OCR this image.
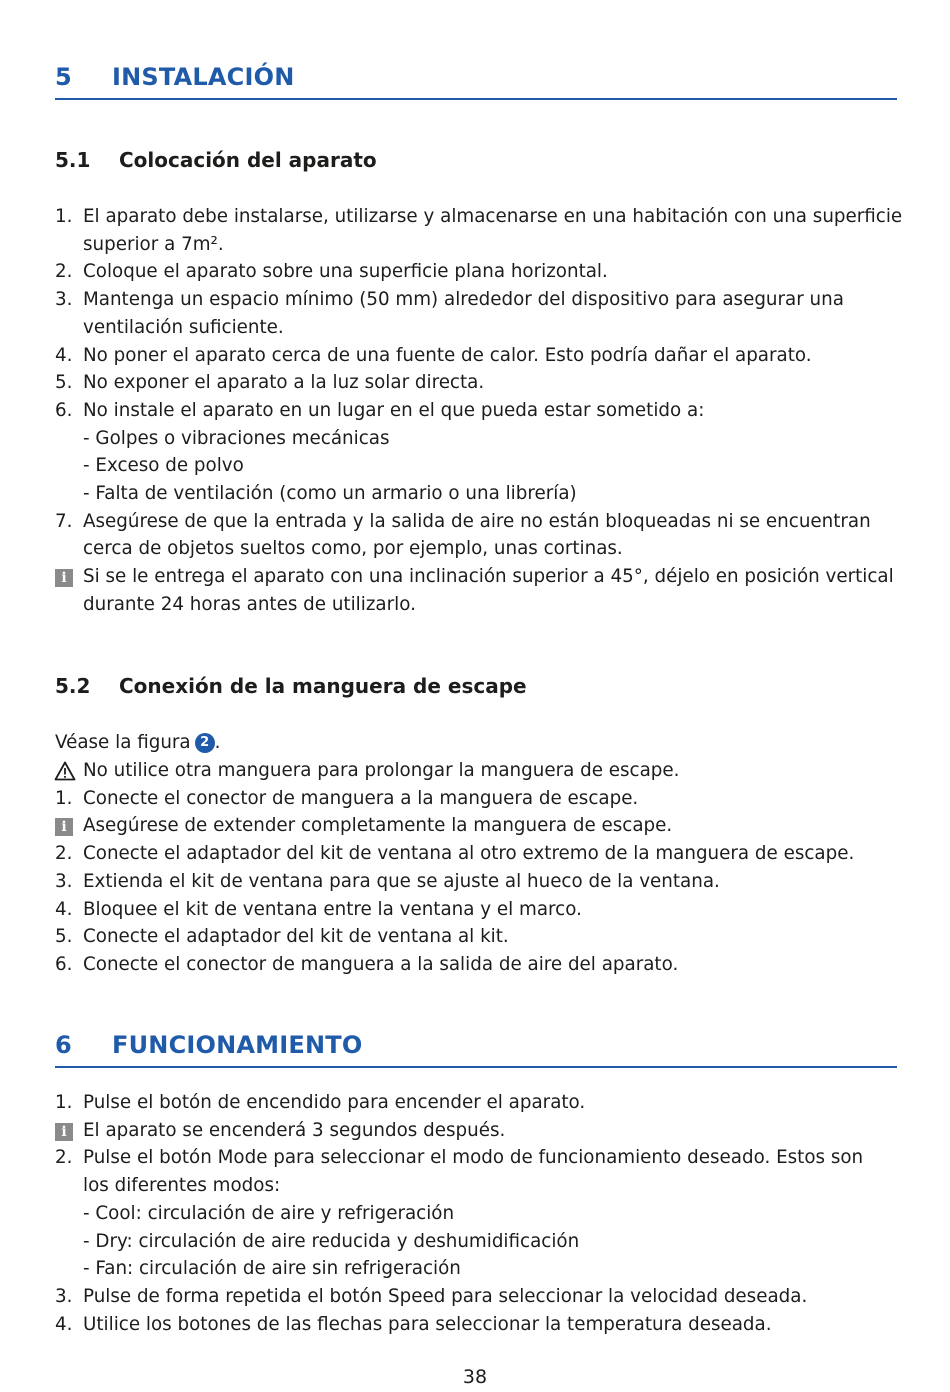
5	INSTALACIÓN
5.1 Colocación del aparato
1. El aparato debe instalarse, utilizarse y almacenarse en una habitación con una superficie
superior a 7m².
2. Coloque el aparato sobre una superficie plana horizontal.
3. Mantenga un espacio mínimo (50 mm) alrededor del dispositivo para asegurar una
ventilación suficiente.
4. No poner el aparato cerca de una fuente de calor. Esto podría dañar el aparato.
5. No exponer el aparato a la luz solar directa.
6. No instale el aparato en un lugar en el que pueda estar sometido a:
- Golpes o vibraciones mecánicas
- Exceso de polvo
- Falta de ventilación (como un armario o una librería)
7. Asegúrese de que la entrada y la salida de aire no están bloqueadas ni se encuentran
cerca de objetos sueltos como, por ejemplo, unas cortinas.
i Si se le entrega el aparato con una inclinación superior a 45°, déjelo en posición vertical
durante 24 horas antes de utilizarlo.
5.2 Conexión de la manguera de escape
Véase la figura 2 .
No utilice otra manguera para prolongar la manguera de escape.
1. Conecte el conector de manguera a la manguera de escape.
i Asegúrese de extender completamente la manguera de escape.
2. Conecte el adaptador del kit de ventana al otro extremo de la manguera de escape.
3. Extienda el kit de ventana para que se ajuste al hueco de la ventana.
4. Bloquee el kit de ventana entre la ventana y el marco.
5. Conecte el adaptador del kit de ventana al kit.
6. Conecte el conector de manguera a la salida de aire del aparato.
6	FUNCIONAMIENTO
1. Pulse el botón de encendido para encender el aparato.
i El aparato se encenderá 3 segundos después.
2. Pulse el botón Mode para seleccionar el modo de funcionamiento deseado. Estos son
los diferentes modos:
- Cool: circulación de aire y refrigeración
- Dry: circulación de aire reducida y deshumidificación
- Fan: circulación de aire sin refrigeración
3. Pulse de forma repetida el botón Speed para seleccionar la velocidad deseada.
4. Utilice los botones de las flechas para seleccionar la temperatura deseada.
38
